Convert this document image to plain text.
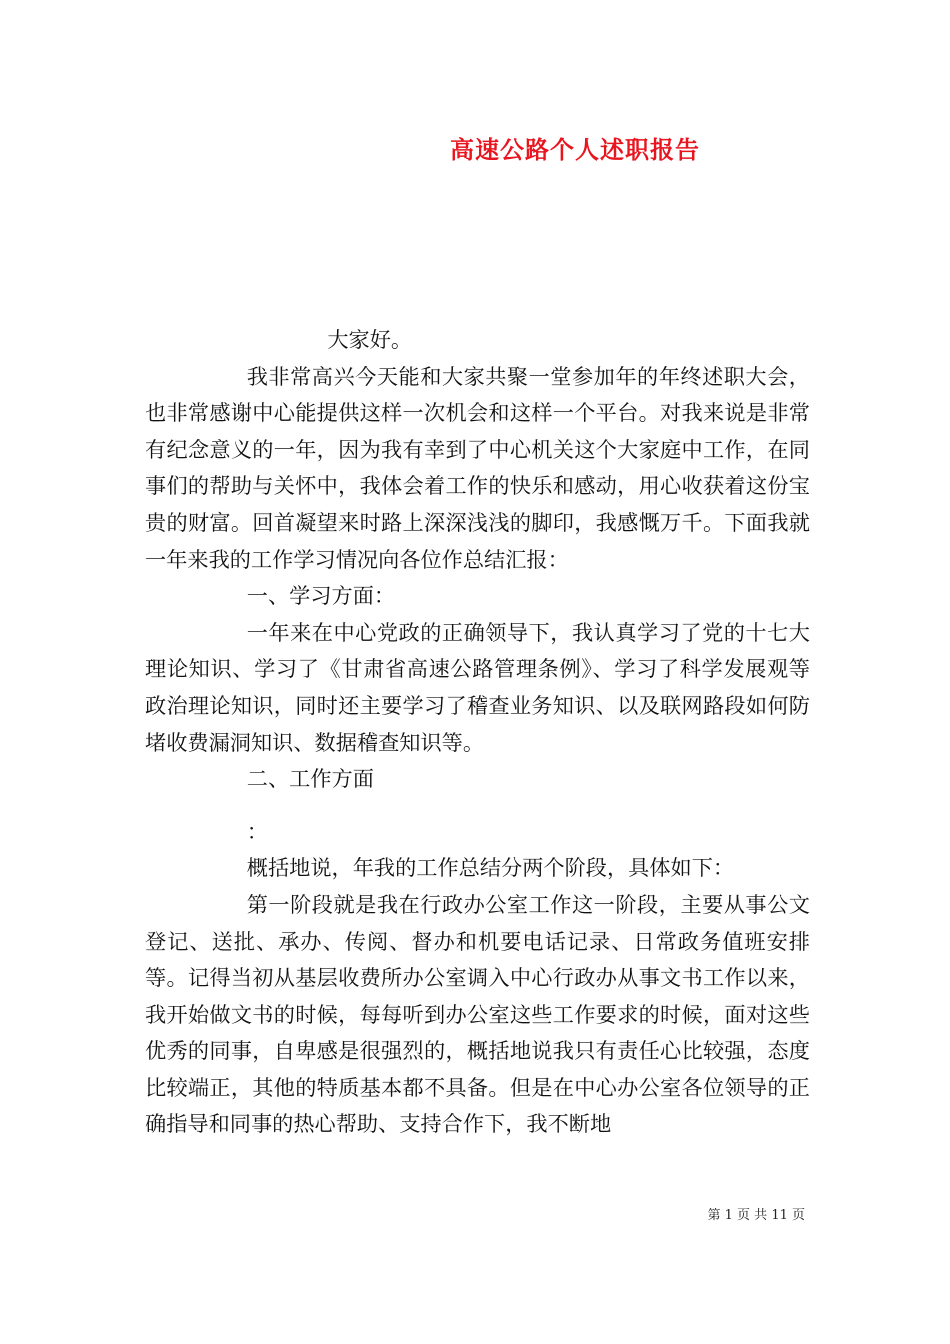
高速公路个人述职报告

大家好。

我非常高兴今天能和大家共聚一堂参加年的年终述职大会，也非常感谢中心能提供这样一次机会和这样一个平台。对我来说是非常有纪念意义的一年，因为我有幸到了中心机关这个大家庭中工作，在同事们的帮助与关怀中，我体会着工作的快乐和感动，用心收获着这份宝贵的财富。回首凝望来时路上深深浅浅的脚印，我感慨万千。下面我就一年来我的工作学习情况向各位作总结汇报：

一、学习方面：

一年来在中心党政的正确领导下，我认真学习了党的十七大理论知识、学习了《甘肃省高速公路管理条例》、学习了科学发展观等政治理论知识，同时还主要学习了稽查业务知识、以及联网路段如何防堵收费漏洞知识、数据稽查知识等。

二、工作方面

：

概括地说，年我的工作总结分两个阶段，具体如下：

第一阶段就是我在行政办公室工作这一阶段，主要从事公文登记、送批、承办、传阅、督办和机要电话记录、日常政务值班安排等。记得当初从基层收费所办公室调入中心行政办从事文书工作以来，我开始做文书的时候，每每听到办公室这些工作要求的时候，面对这些优秀的同事，自卑感是很强烈的，概括地说我只有责任心比较强，态度比较端正，其他的特质基本都不具备。但是在中心办公室各位领导的正确指导和同事的热心帮助、支持合作下，我不断地

第 1 页 共 11 页
